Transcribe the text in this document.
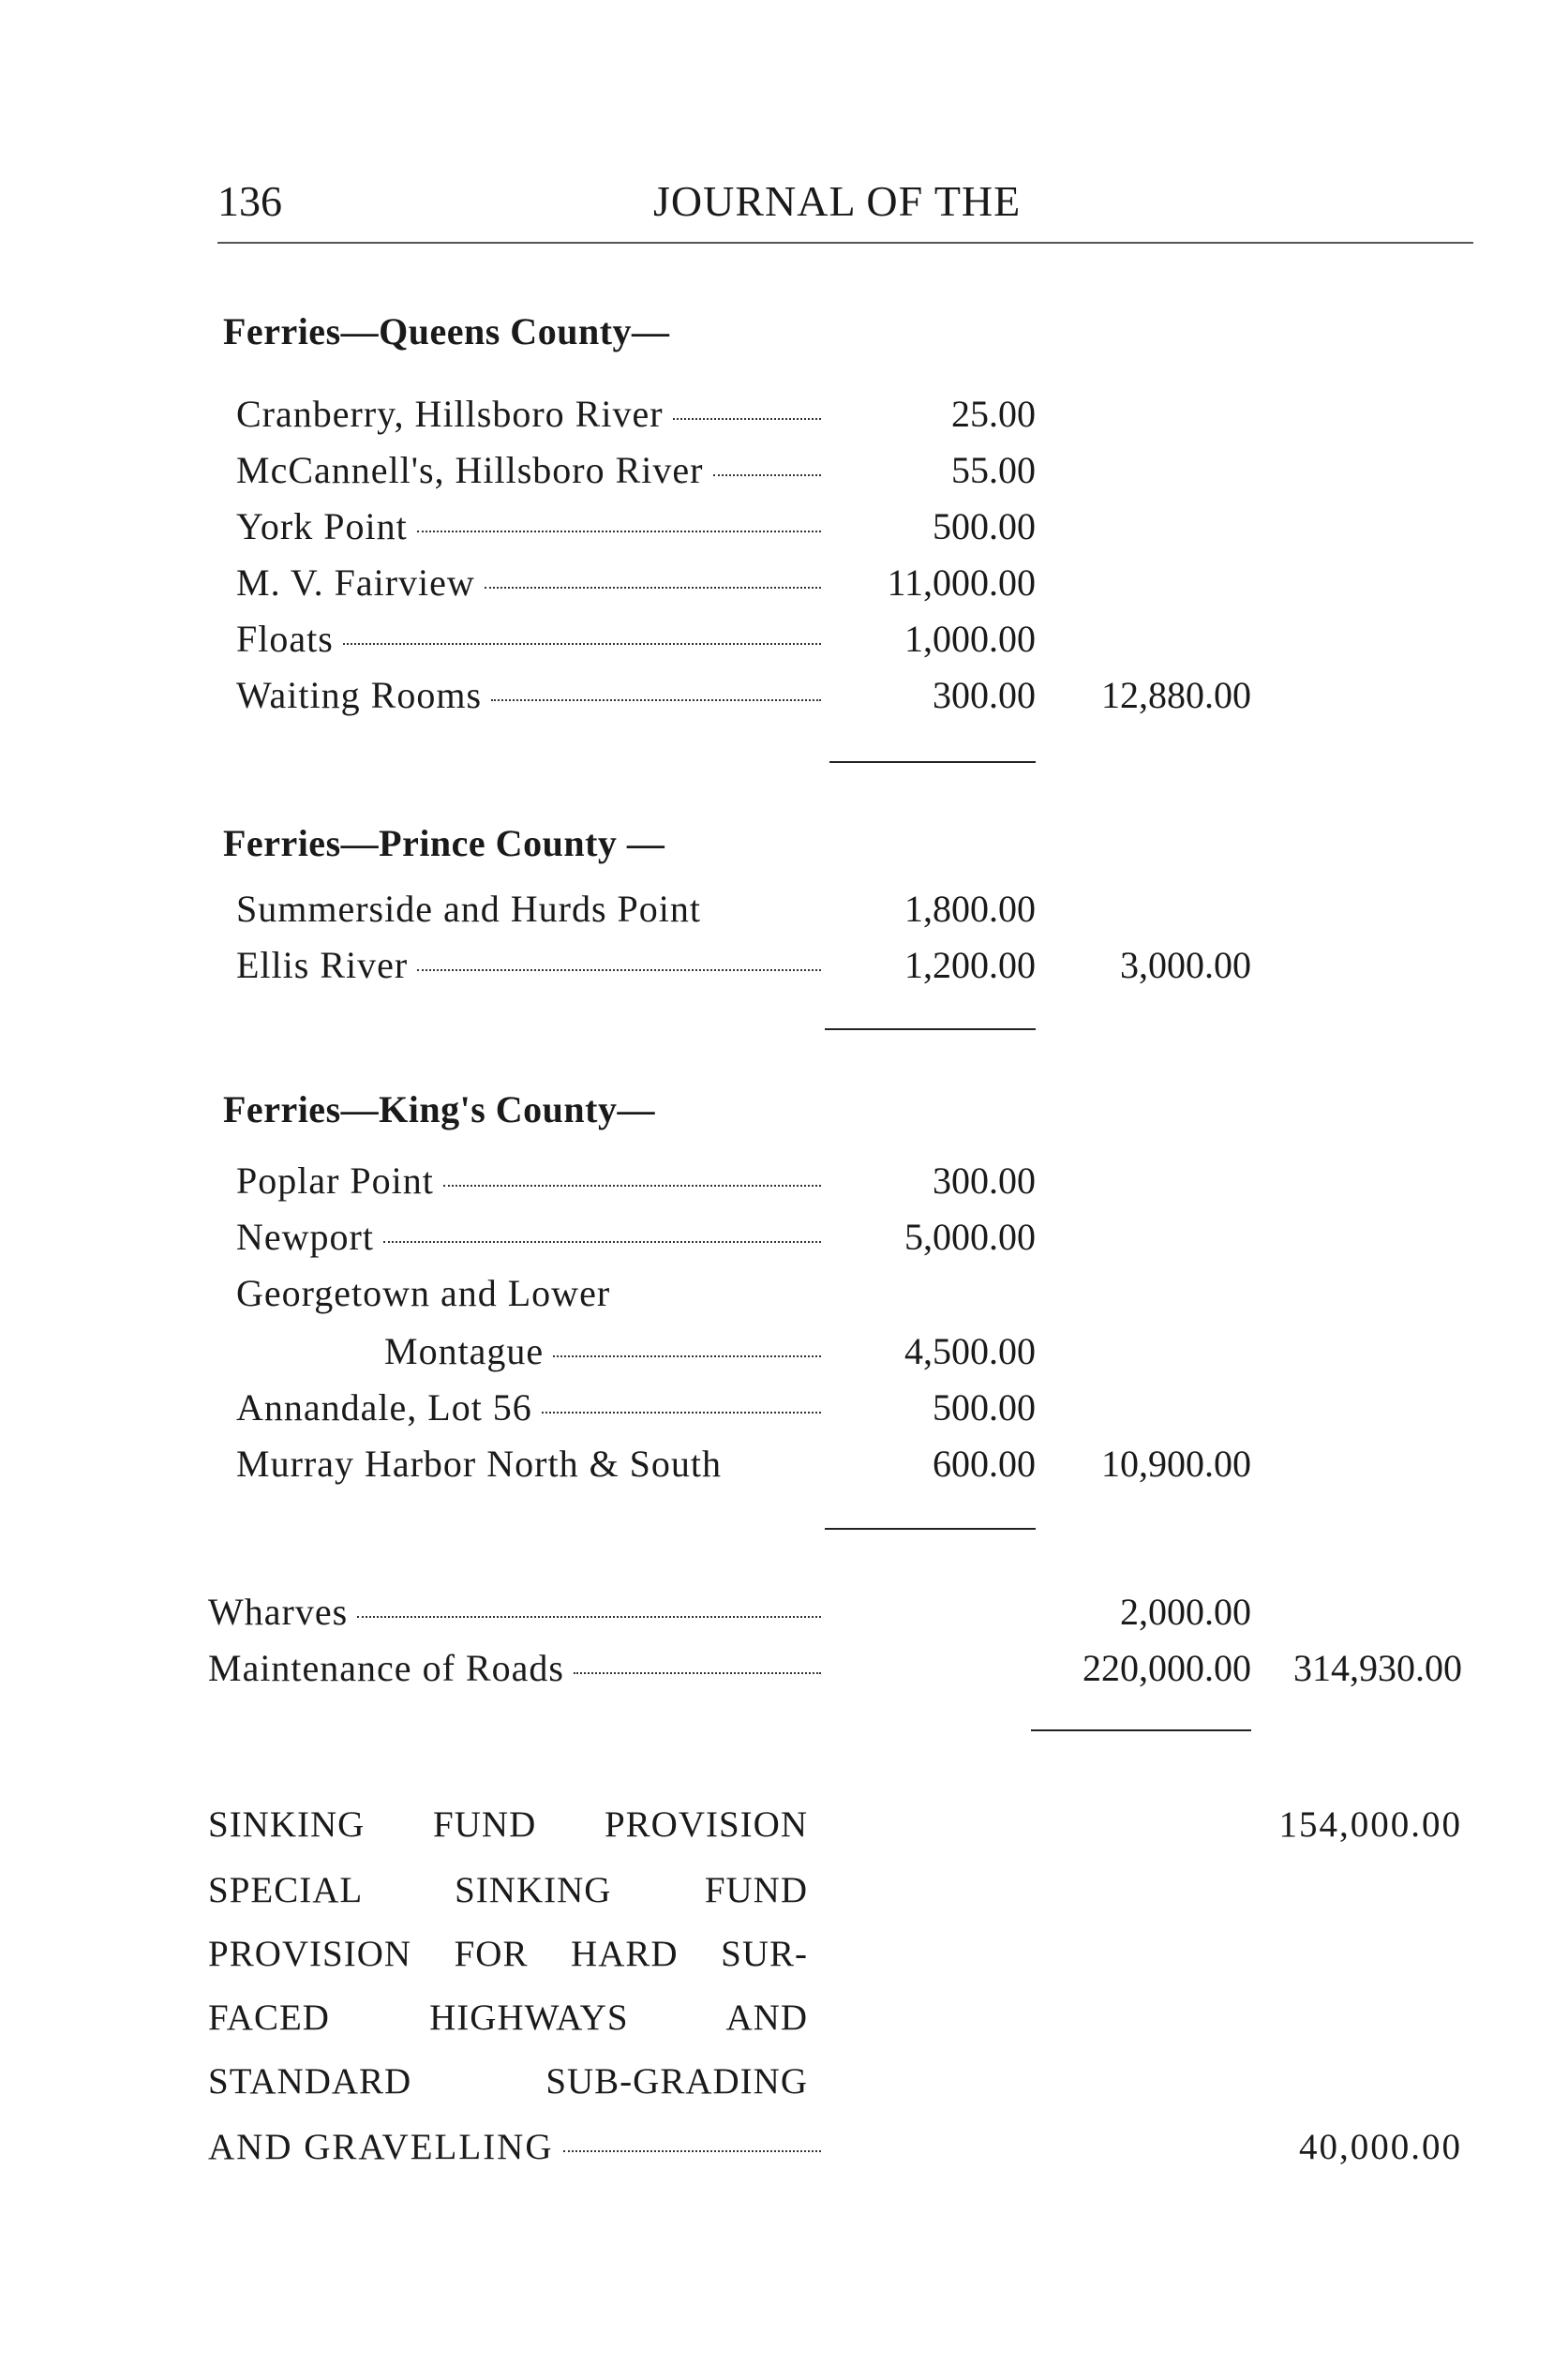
136	JOURNAL OF THE
Ferries—Queens County—
Cranberry, Hillsboro River	25.00
McCannell's, Hillsboro River	55.00
York Point	500.00
M. V. Fairview	11,000.00
Floats	1,000.00
Waiting Rooms	300.00	12,880.00
Ferries—Prince County —
Summerside and Hurds Point	1,800.00
Ellis River	1,200.00	3,000.00
Ferries—King's County—
Poplar Point	300.00
Newport	5,000.00
Georgetown and Lower
Montague	4,500.00
Annandale, Lot 56	500.00
Murray Harbor North & South	600.00	10,900.00
Wharves	2,000.00
Maintenance of Roads	220,000.00	314,930.00
SINKING FUND PROVISION	154,000.00
SPECIAL SINKING FUND
PROVISION FOR HARD SUR-
FACED HIGHWAYS AND
STANDARD SUB-GRADING
AND GRAVELLING	40,000.00
